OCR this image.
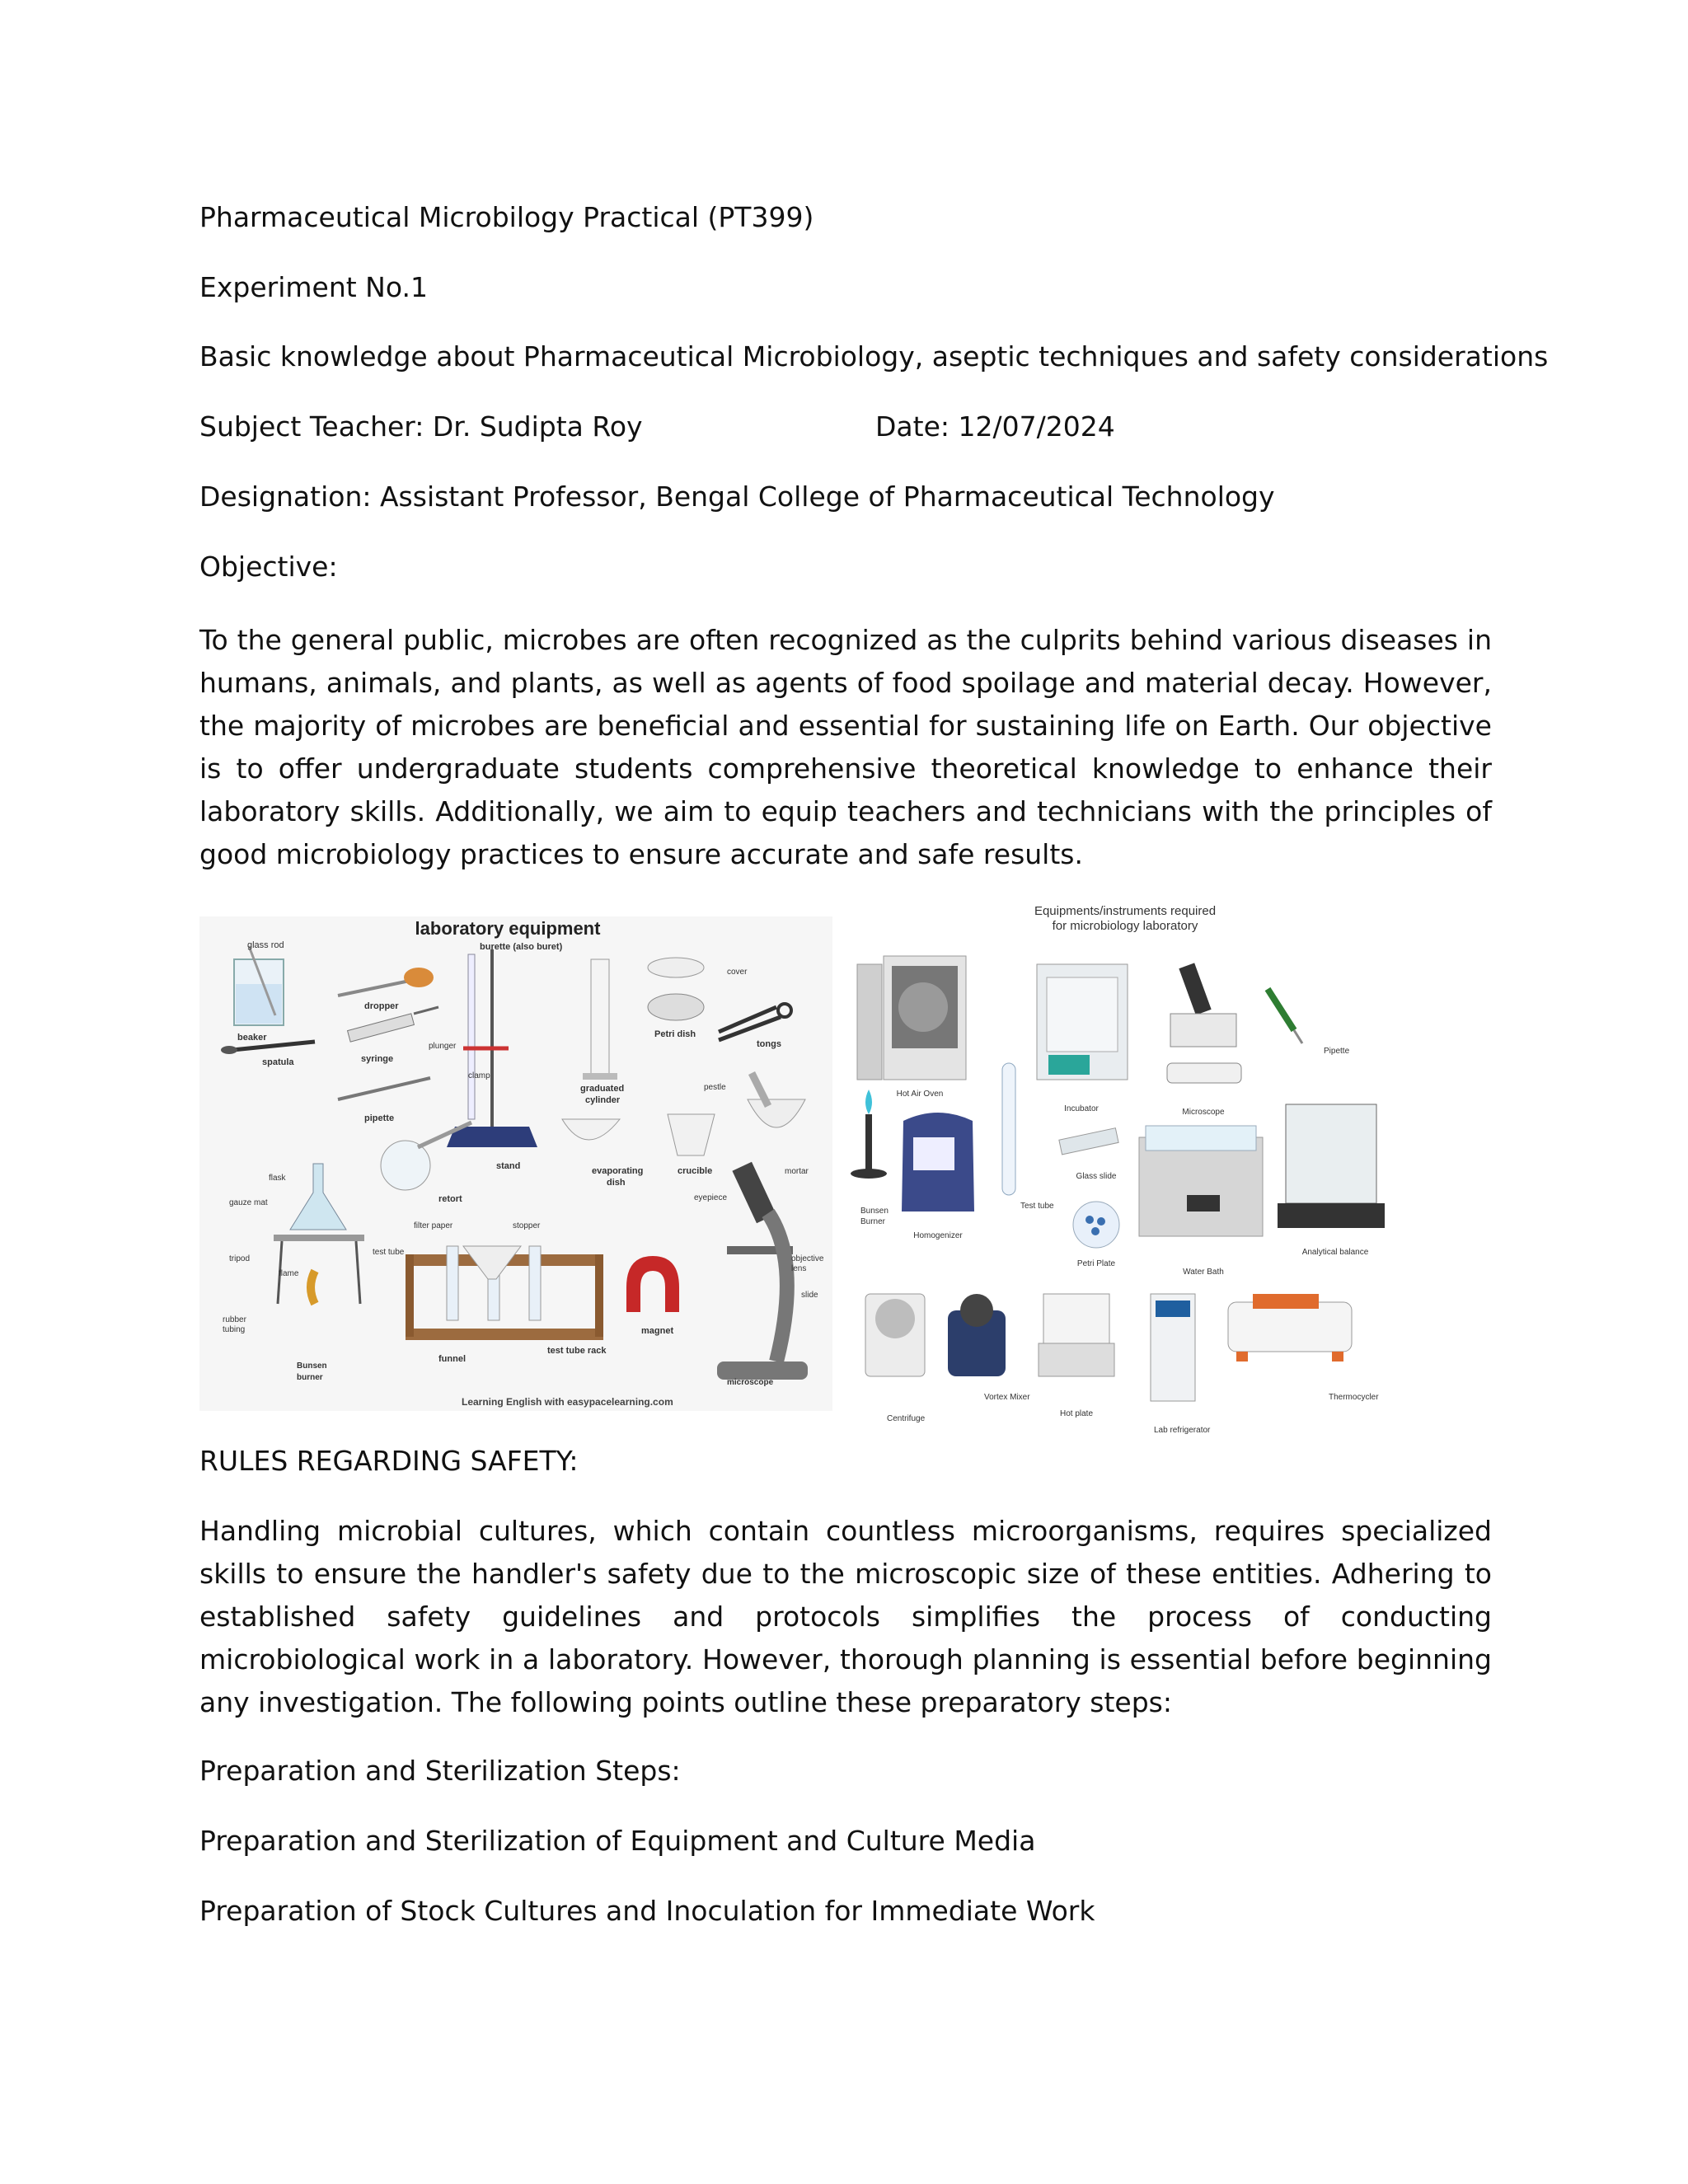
Pharmaceutical Microbilogy Practical (PT399)
Experiment No.1
Basic knowledge about Pharmaceutical Microbiology, aseptic techniques and safety considerations
Subject Teacher: Dr. Sudipta Roy	Date: 12/07/2024
Designation: Assistant Professor, Bengal College of Pharmaceutical Technology
Objective:
To the general public, microbes are often recognized as the culprits behind various diseases in humans, animals, and plants, as well as agents of food spoilage and material decay. However, the majority of microbes are beneficial and essential for sustaining life on Earth. Our objective is to offer undergraduate students comprehensive theoretical knowledge to enhance their laboratory skills. Additionally, we aim to equip teachers and technicians with the principles of good microbiology practices to ensure accurate and safe results.
laboratory equipment
glass rod
beaker
spatula
dropper
syringe
plunger
pipette
burette (also buret)
clamp
stand
graduated
cylinder
cover
Petri dish
tongs
pestle
mortar
evaporating
dish
crucible
flask
gauze mat
tripod
flame
rubber
tubing
Bunsen
burner
retort
filter paper	stopper
test tube
funnel
test tube rack
magnet
eyepiece
objective
lens
slide
microscope
Learning English with easypacelearning.com
Equipments/instruments required
for microbiology laboratory
Hot Air Oven
Incubator	Microscope
Pipette
Bunsen
Burner
Homogenizer
Test tube
Glass slide
Petri Plate
Water Bath
Analytical balance
Centrifuge
Vortex Mixer
Hot plate
Lab refrigerator
Thermocycler
RULES REGARDING SAFETY:
Handling microbial cultures, which contain countless microorganisms, requires specialized skills to ensure the handler's safety due to the microscopic size of these entities. Adhering to established safety guidelines and protocols simplifies the process of conducting microbiological work in a laboratory. However, thorough planning is essential before beginning any investigation. The following points outline these preparatory steps:
Preparation and Sterilization Steps:
Preparation and Sterilization of Equipment and Culture Media
Preparation of Stock Cultures and Inoculation for Immediate Work
